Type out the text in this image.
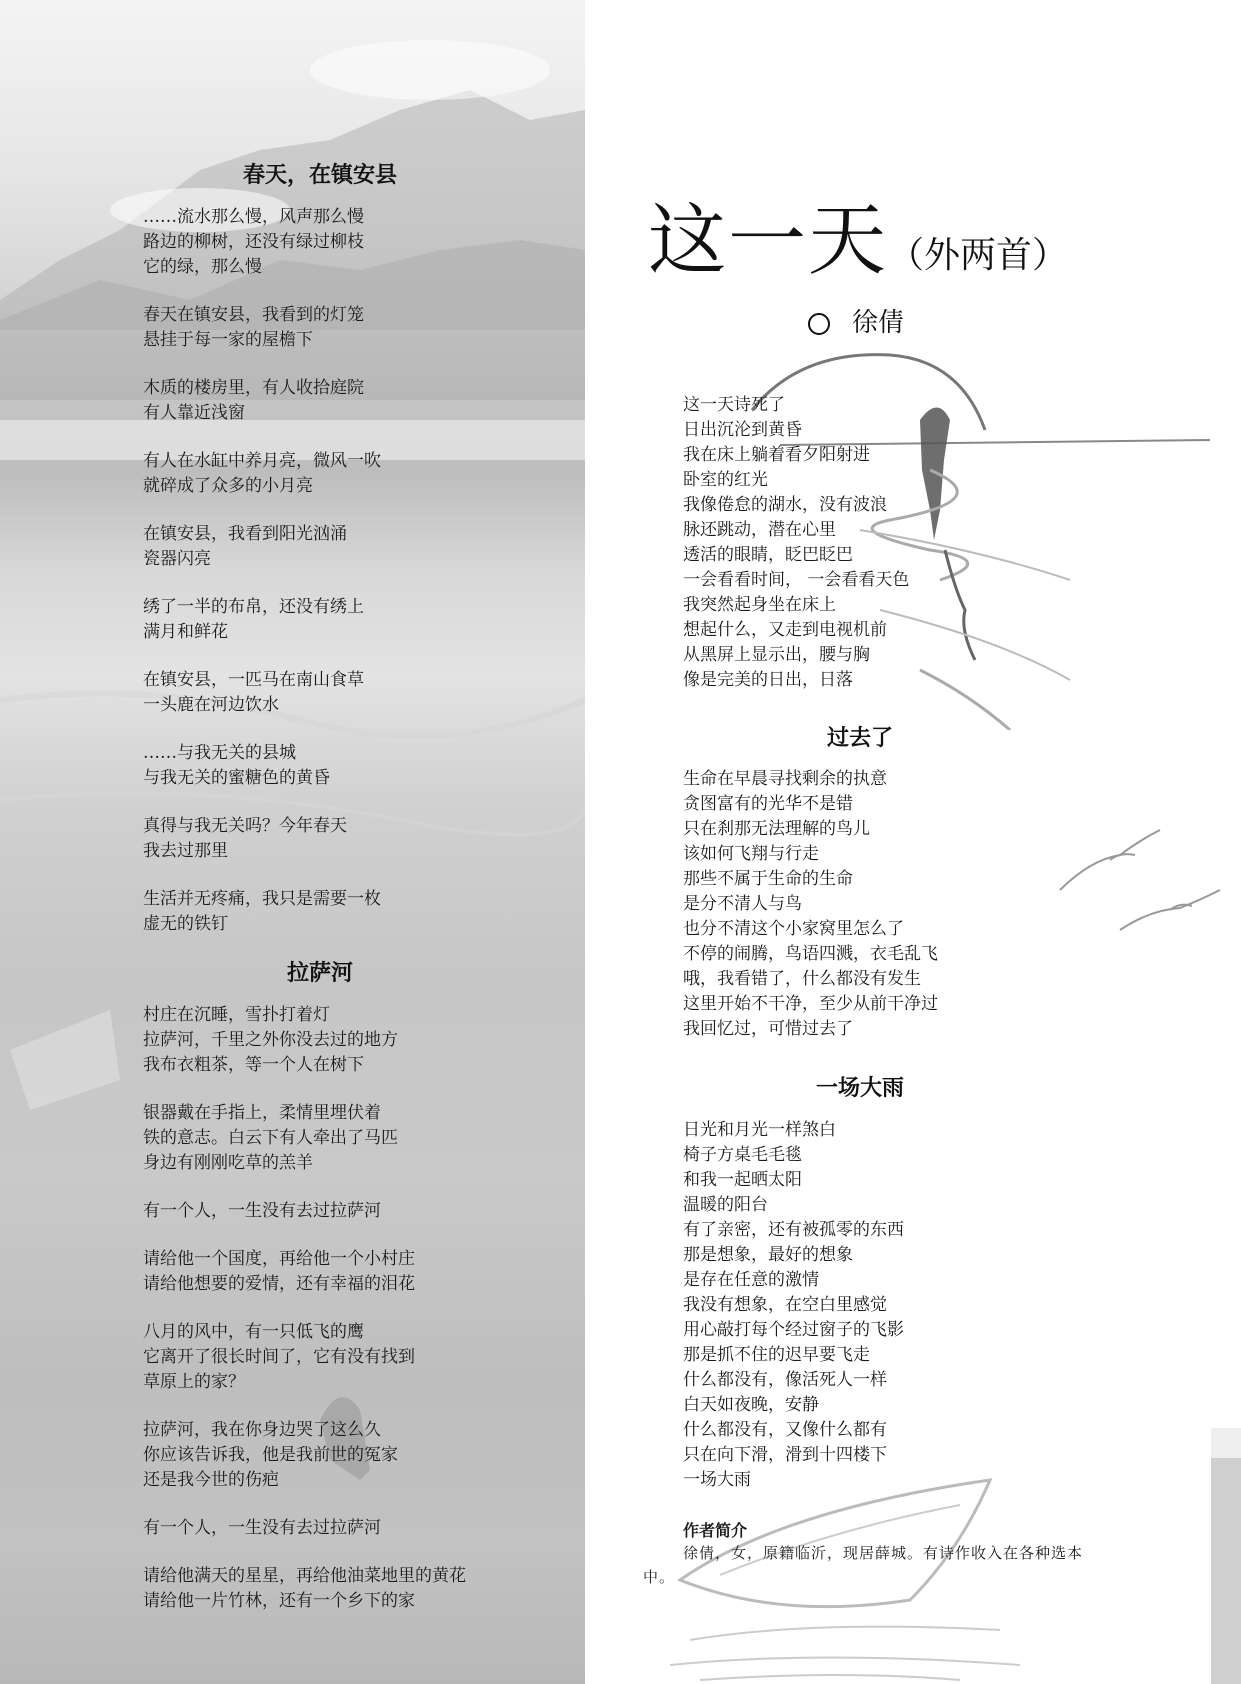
春天，在镇安县
……流水那么慢，风声那么慢
路边的柳树，还没有绿过柳枝
它的绿，那么慢
春天在镇安县，我看到的灯笼
悬挂于每一家的屋檐下
木质的楼房里，有人收拾庭院
有人靠近浅窗
有人在水缸中养月亮，微风一吹
就碎成了众多的小月亮
在镇安县，我看到阳光汹涌
瓷器闪亮
绣了一半的布帛，还没有绣上
满月和鲜花
在镇安县，一匹马在南山食草
一头鹿在河边饮水
……与我无关的县城
与我无关的蜜糖色的黄昏
真得与我无关吗？今年春天
我去过那里
生活并无疼痛，我只是需要一枚
虚无的铁钉
拉萨河
村庄在沉睡，雪扑打着灯
拉萨河，千里之外你没去过的地方
我布衣粗茶，等一个人在树下
银器戴在手指上，柔情里埋伏着
铁的意志。白云下有人牵出了马匹
身边有刚刚吃草的羔羊
有一个人，一生没有去过拉萨河
请给他一个国度，再给他一个小村庄
请给他想要的爱情，还有幸福的泪花
八月的风中，有一只低飞的鹰
它离开了很长时间了，它有没有找到
草原上的家？
拉萨河，我在你身边哭了这么久
你应该告诉我，他是我前世的冤家
还是我今世的伤疤
有一个人，一生没有去过拉萨河
请给他满天的星星，再给他油菜地里的黄花
请给他一片竹林，还有一个乡下的家
这一天（外两首）
徐倩
这一天诗死了
日出沉沦到黄昏
我在床上躺着看夕阳射进
卧室的红光
我像倦怠的湖水，没有波浪
脉还跳动，潜在心里
透活的眼睛，眨巴眨巴
一会看看时间， 一会看看天色
我突然起身坐在床上
想起什么，又走到电视机前
从黑屏上显示出，腰与胸
像是完美的日出，日落
过去了
生命在早晨寻找剩余的执意
贪图富有的光华不是错
只在刹那无法理解的鸟儿
该如何飞翔与行走
那些不属于生命的生命
是分不清人与鸟
也分不清这个小家窝里怎么了
不停的闹腾，鸟语四溅，衣毛乱飞
哦，我看错了，什么都没有发生
这里开始不干净，至少从前干净过
我回忆过，可惜过去了
一场大雨
日光和月光一样煞白
椅子方桌毛毛毯
和我一起晒太阳
温暖的阳台
有了亲密，还有被孤零的东西
那是想象，最好的想象
是存在任意的激情
我没有想象，在空白里感觉
用心敲打每个经过窗子的飞影
那是抓不住的迟早要飞走
什么都没有，像活死人一样
白天如夜晚，安静
什么都没有，又像什么都有
只在向下滑，滑到十四楼下
一场大雨
作者简介
徐倩，女，原籍临沂，现居薛城。有诗作收入在各种选本中。
